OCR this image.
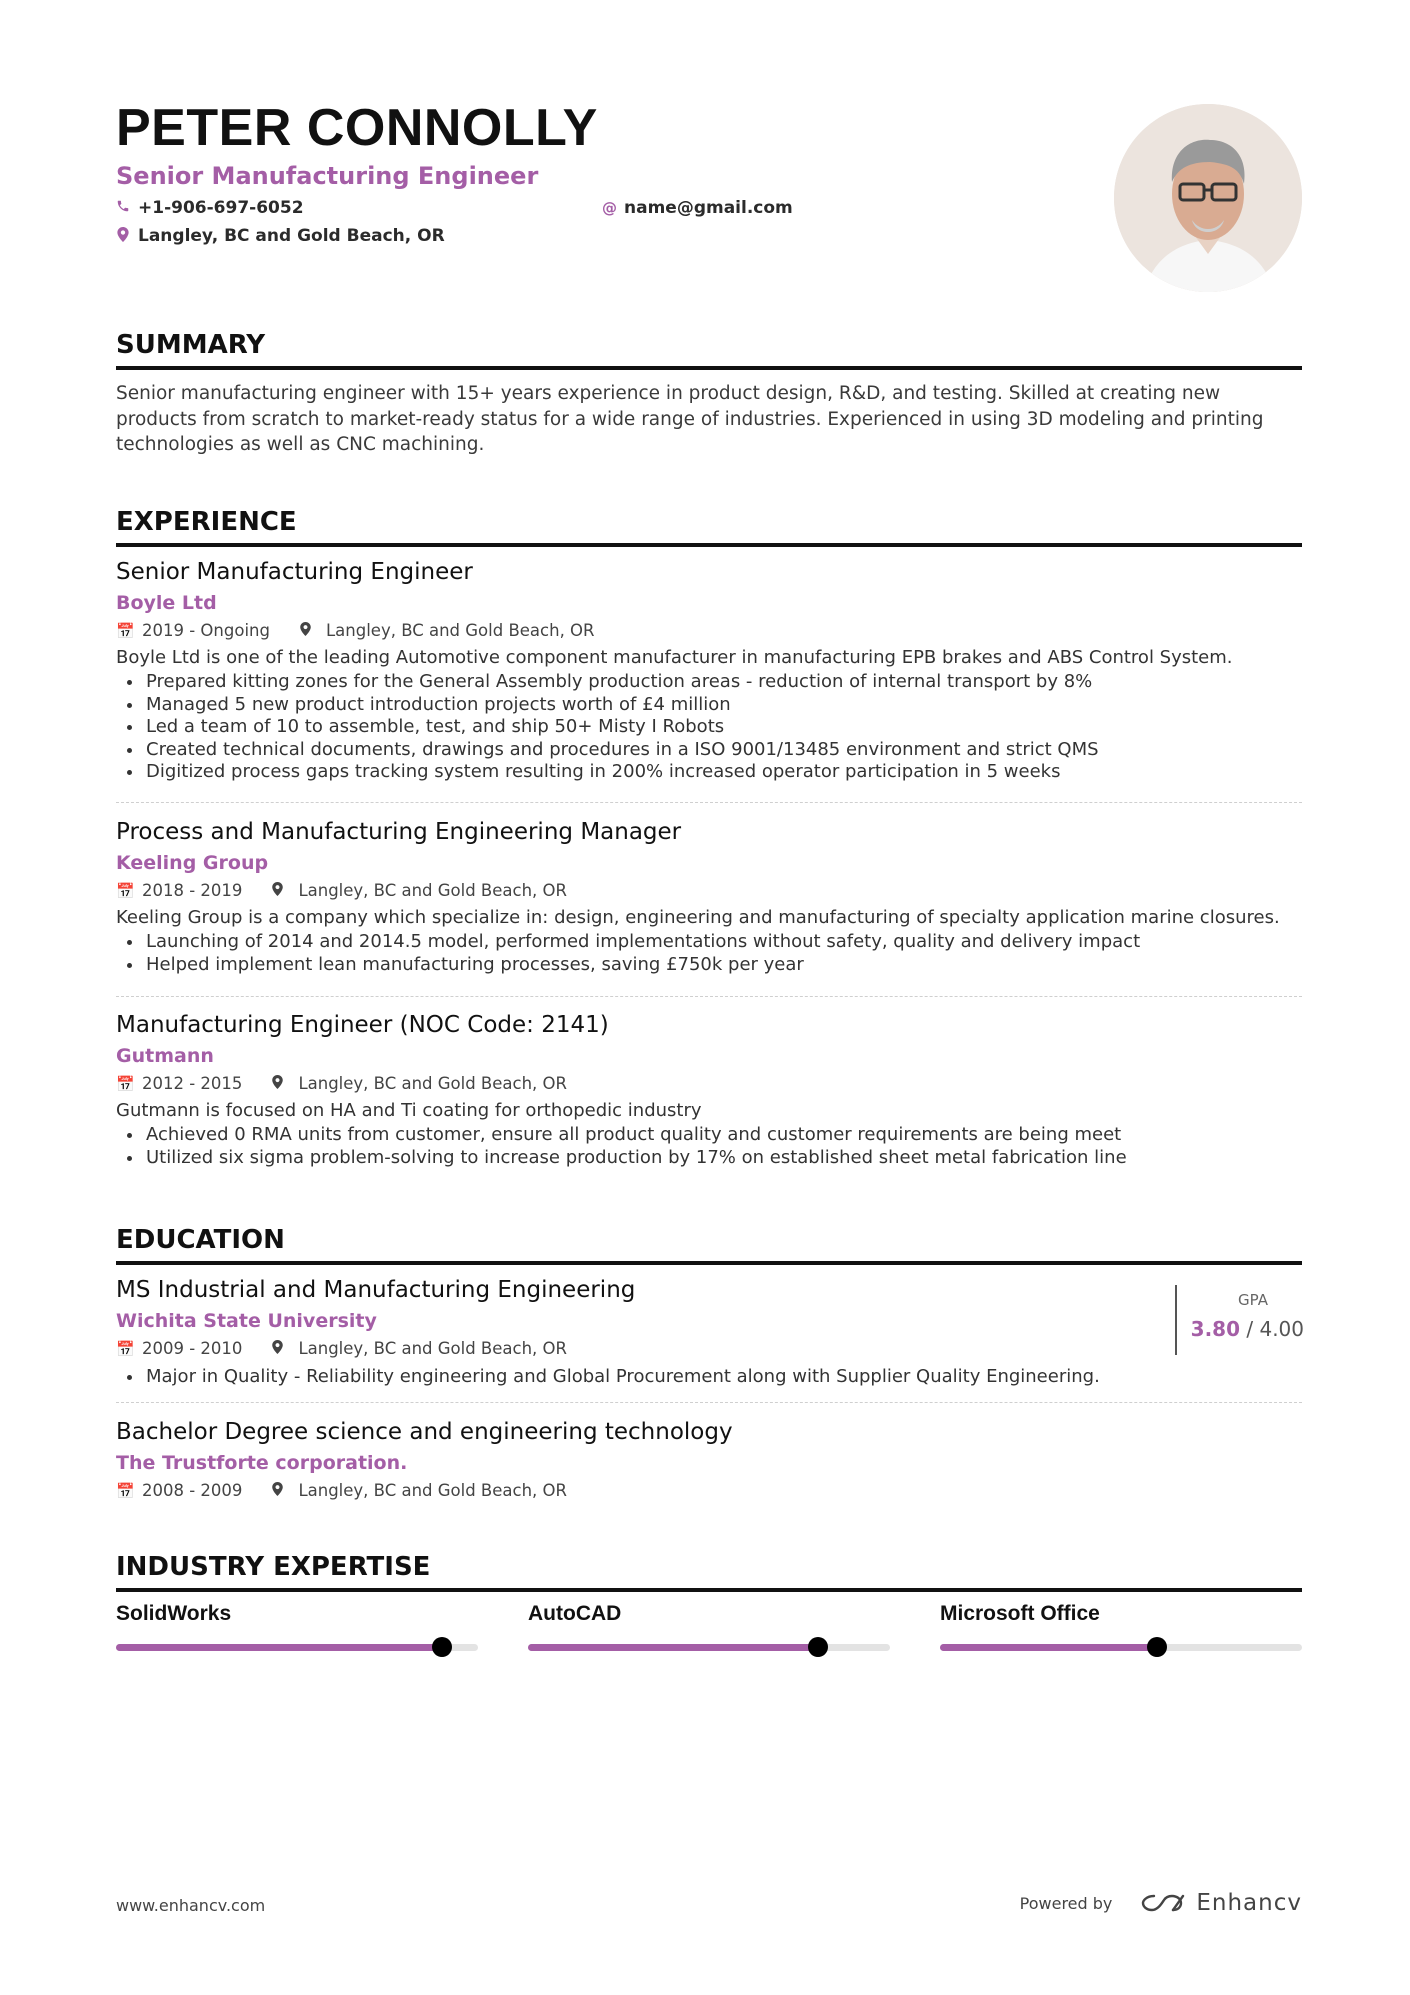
PETER CONNOLLY
Senior Manufacturing Engineer
+1-906-697-6052	@ name@gmail.com
Langley, BC and Gold Beach, OR
SUMMARY
Senior manufacturing engineer with 15+ years experience in product design, R&D, and testing. Skilled at creating new products from scratch to market-ready status for a wide range of industries. Experienced in using 3D modeling and printing technologies as well as CNC machining.
EXPERIENCE
Senior Manufacturing Engineer
Boyle Ltd
📅 2019 - Ongoing	Langley, BC and Gold Beach, OR
Boyle Ltd is one of the leading Automotive component manufacturer in manufacturing EPB brakes and ABS Control System.
• Prepared kitting zones for the General Assembly production areas - reduction of internal transport by 8%
• Managed 5 new product introduction projects worth of £4 million
• Led a team of 10 to assemble, test, and ship 50+ Misty I Robots
• Created technical documents, drawings and procedures in a ISO 9001/13485 environment and strict QMS
• Digitized process gaps tracking system resulting in 200% increased operator participation in 5 weeks
Process and Manufacturing Engineering Manager
Keeling Group
📅 2018 - 2019	Langley, BC and Gold Beach, OR
Keeling Group is a company which specialize in: design, engineering and manufacturing of specialty application marine closures.
• Launching of 2014 and 2014.5 model, performed implementations without safety, quality and delivery impact
• Helped implement lean manufacturing processes, saving £750k per year
Manufacturing Engineer (NOC Code: 2141)
Gutmann
📅 2012 - 2015	Langley, BC and Gold Beach, OR
Gutmann is focused on HA and Ti coating for orthopedic industry
• Achieved 0 RMA units from customer, ensure all product quality and customer requirements are being meet
• Utilized six sigma problem-solving to increase production by 17% on established sheet metal fabrication line
EDUCATION
MS Industrial and Manufacturing Engineering
Wichita State University
📅 2009 - 2010	Langley, BC and Gold Beach, OR
• Major in Quality - Reliability engineering and Global Procurement along with Supplier Quality Engineering.
GPA
3.80 / 4.00
Bachelor Degree science and engineering technology
The Trustforte corporation.
📅 2008 - 2009	Langley, BC and Gold Beach, OR
INDUSTRY EXPERTISE
SolidWorks	AutoCAD	Microsoft Office
www.enhancv.com	Powered by	Enhancv
